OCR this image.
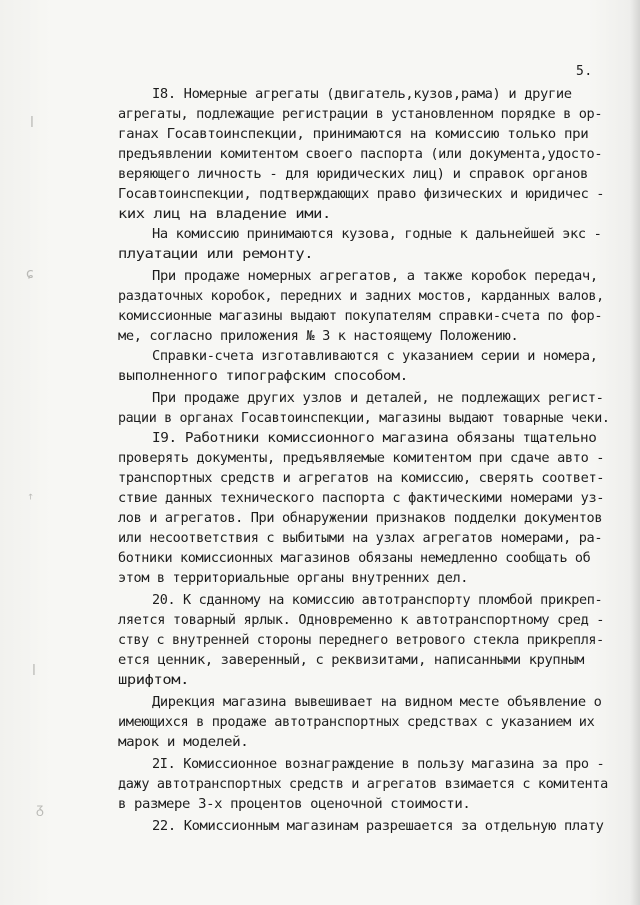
ꞁ
ɕ
ꜛ
ꞁ
ᵹ
5.
I8. Номерные агрегаты (двигатель,кузов,рама) и другие
агрегаты, подлежащие регистрации в установленном порядке в ор-
ганах Госавтоинспекции, принимаются на комиссию только при
предъявлении комитентом своего паспорта (или документа,удосто-
веряющего личность - для юридических лиц) и справок органов
Госавтоинспекции, подтверждающих право физических и юридичес -
ких лиц на владение ими.
На комиссию принимаются кузова, годные к дальнейшей экс -
плуатации или ремонту.
При продаже номерных агрегатов, а также коробок передач,
раздаточных коробок, передних и задних мостов, карданных валов,
комиссионные магазины выдают покупателям справки-счета по фор-
ме, согласно приложения № 3 к настоящему Положению.
Справки-счета изготавливаются с указанием серии и номера,
выполненного типографским способом.
При продаже других узлов и деталей, не подлежащих регист-
рации в органах Госавтоинспекции, магазины выдают товарные чеки.
I9. Работники комиссионного магазина обязаны тщательно
проверять документы, предъявляемые комитентом при сдаче авто -
транспортных средств и агрегатов на комиссию, сверять соответ-
ствие данных технического паспорта с фактическими номерами уз-
лов и агрегатов. При обнаружении признаков подделки документов
или несоответствия с выбитыми на узлах агрегатов номерами, ра-
ботники комиссионных магазинов обязаны немедленно сообщать об
этом в территориальные органы внутренних дел.
20. К сданному на комиссию автотранспорту пломбой прикреп-
ляется товарный ярлык. Одновременно к автотранспортному сред -
ству с внутренней стороны переднего ветрового стекла прикрепля-
ется ценник, заверенный, с реквизитами, написанными крупным
шрифтом.
Дирекция магазина вывешивает на видном месте объявление о
имеющихся в продаже автотранспортных средствах с указанием их
марок и моделей.
2I. Комиссионное вознаграждение в пользу магазина за про -
дажу автотранспортных средств и агрегатов взимается с комитента
в размере 3-х процентов оценочной стоимости.
22. Комиссионным магазинам разрешается за отдельную плату
